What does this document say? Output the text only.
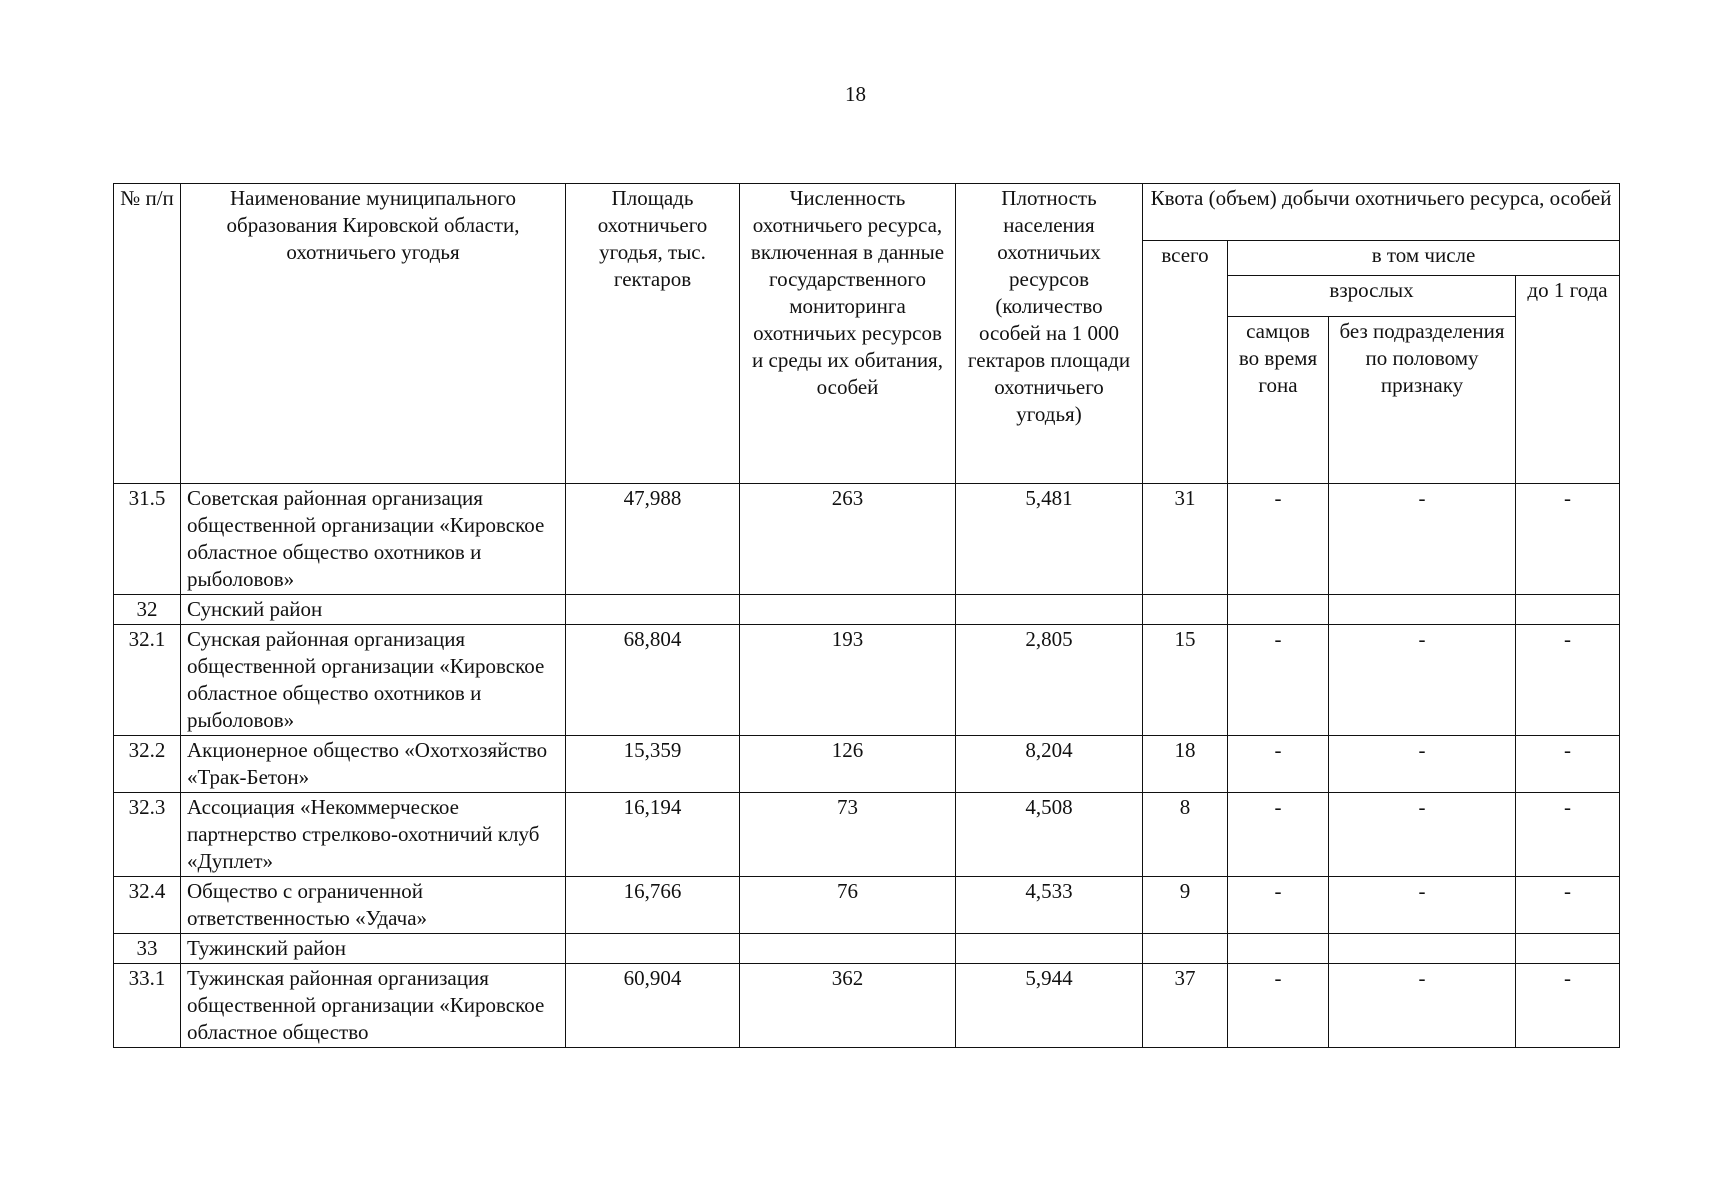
18
№ п/п	Наименование муниципального образования Кировской области, охотничьего угодья	Площадь охотничьего угодья, тыс. гектаров	Численность охотничьего ресурса, включенная в данные государственного мониторинга охотничьих ресурсов и среды их обитания, особей	Плотность населения охотничьих ресурсов (количество особей на 1 000 гектаров площади охотничьего угодья)	Квота (объем) добычи охотничьего ресурса, особей			
					всего	в том числе		
						взрослых		до 1 года
						самцов во время гона	без подразделения по половому признаку	
31.5	Советская районная организация общественной организации «Кировское областное общество охотников и рыболовов»	47,988	263	5,481	31	-	-	-
32	Сунский район							
32.1	Сунская районная организация общественной организации «Кировское областное общество охотников и рыболовов»	68,804	193	2,805	15	-	-	-
32.2	Акционерное общество «Охотхозяйство «Трак-Бетон»	15,359	126	8,204	18	-	-	-
32.3	Ассоциация «Некоммерческое партнерство стрелково-охотничий клуб «Дуплет»	16,194	73	4,508	8	-	-	-
32.4	Общество с ограниченной ответственностью «Удача»	16,766	76	4,533	9	-	-	-
33	Тужинский район							
33.1	Тужинская районная организация общественной организации «Кировское областное общество	60,904	362	5,944	37	-	-	-
